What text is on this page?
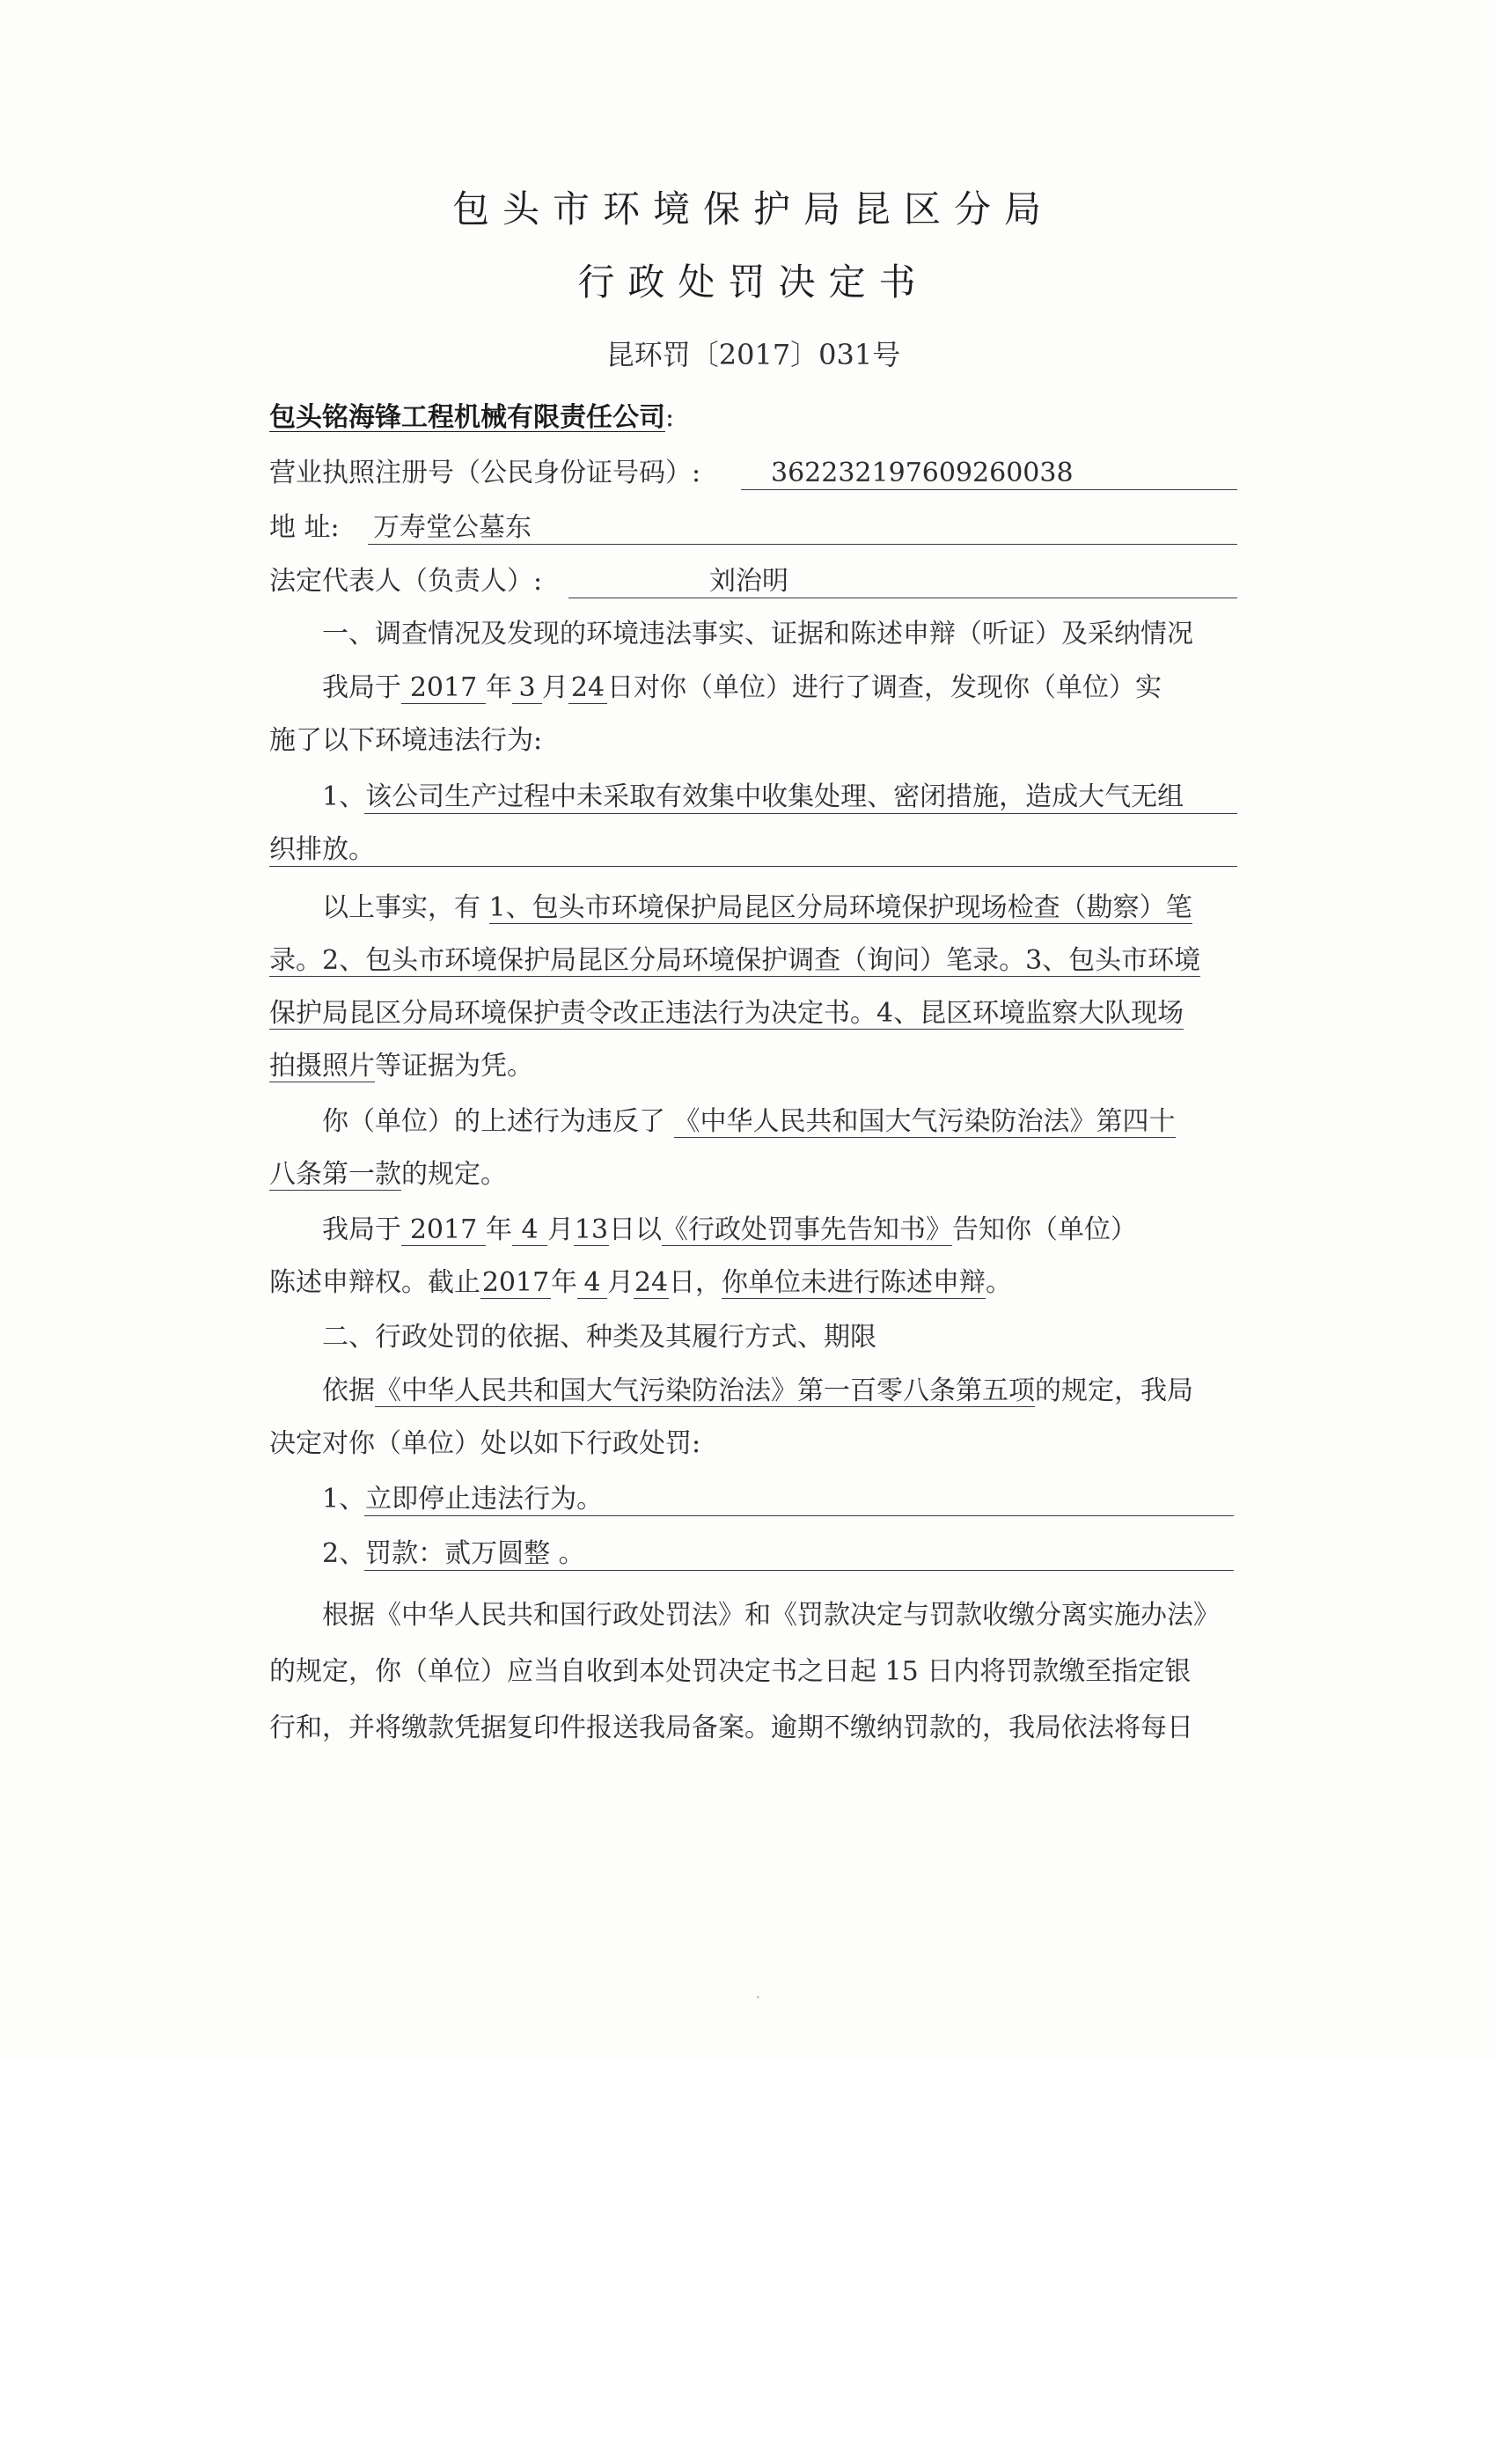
包头市环境保护局昆区分局
行政处罚决定书
昆环罚〔2017〕031号
包头铭海锋工程机械有限责任公司:
营业执照注册号（公民身份证号码）:	362232197609260038
地 址: 万寿堂公墓东
法定代表人（负责人）:	刘治明
一、调查情况及发现的环境违法事实、证据和陈述申辩（听证）及采纳情况
我局于 2017 年 3 月24日对你（单位）进行了调查，发现你（单位）实
施了以下环境违法行为:
1、该公司生产过程中未采取有效集中收集处理、密闭措施，造成大气无组
织排放。
以上事实，有 1、包头市环境保护局昆区分局环境保护现场检查（勘察）笔
录。2、包头市环境保护局昆区分局环境保护调查（询问）笔录。3、包头市环境
保护局昆区分局环境保护责令改正违法行为决定书。4、昆区环境监察大队现场
拍摄照片等证据为凭。
你（单位）的上述行为违反了 《中华人民共和国大气污染防治法》第四十
八条第一款的规定。
我局于 2017 年 4 月13日以《行政处罚事先告知书》告知你（单位）
陈述申辩权。截止2017年 4 月24日，你单位未进行陈述申辩。
二、行政处罚的依据、种类及其履行方式、期限
依据《中华人民共和国大气污染防治法》第一百零八条第五项的规定，我局
决定对你（单位）处以如下行政处罚:
1、立即停止违法行为。
2、罚款：贰万圆整 。
根据《中华人民共和国行政处罚法》和《罚款决定与罚款收缴分离实施办法》
的规定，你（单位）应当自收到本处罚决定书之日起 15 日内将罚款缴至指定银
行和，并将缴款凭据复印件报送我局备案。逾期不缴纳罚款的，我局依法将每日
